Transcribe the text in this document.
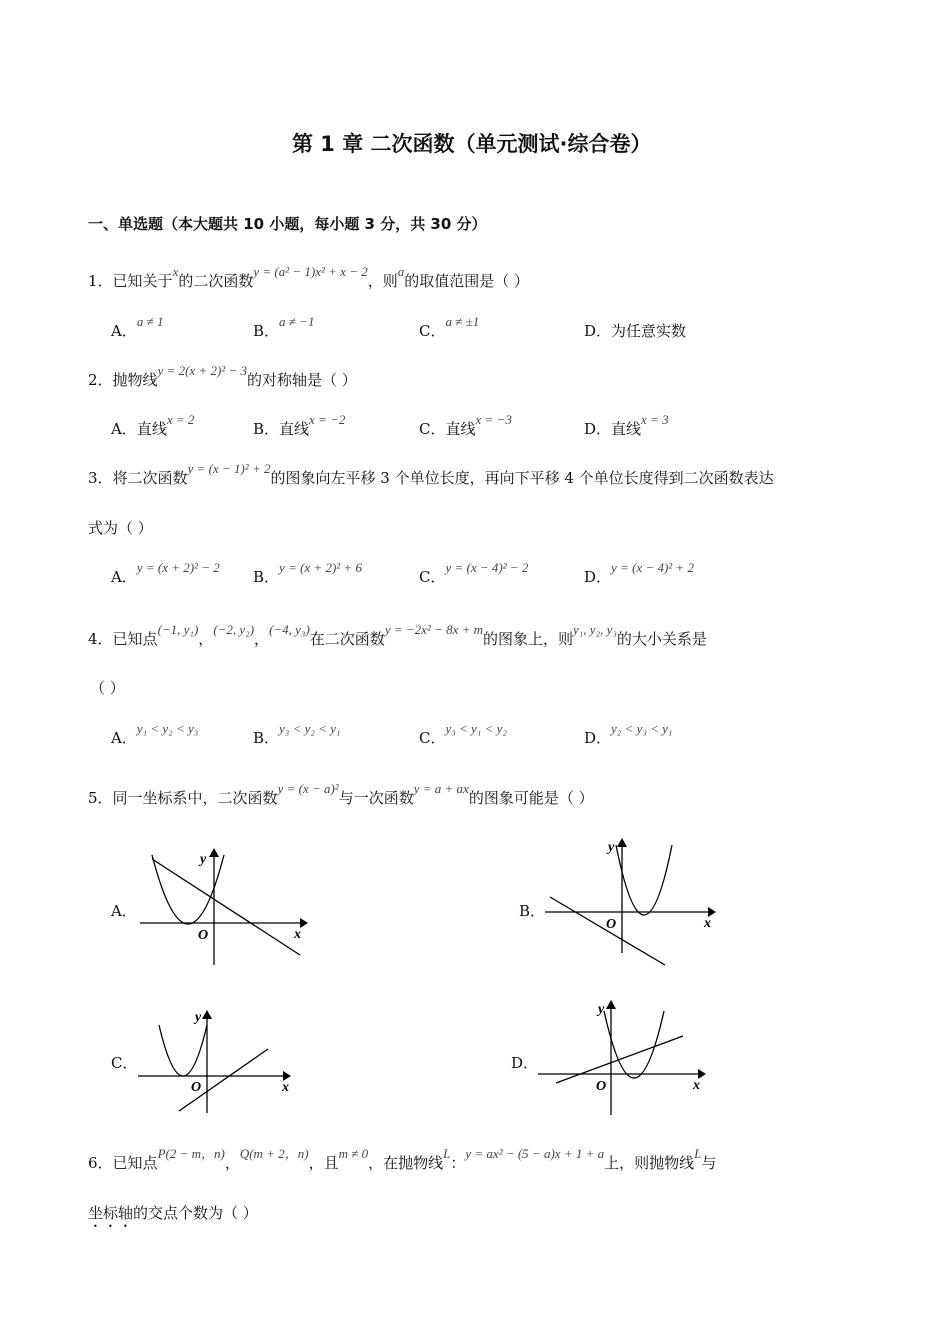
第 1 章 二次函数（单元测试·综合卷）
一、单选题（本大题共 10 小题，每小题 3 分，共 30 分）
1．已知关于x的二次函数y = (a² − 1)x² + x − 2，则a的取值范围是（ ）
A．a ≠ 1
B．a ≠ −1
C．a ≠ ±1
D．为任意实数
2．抛物线y = 2(x + 2)² − 3的对称轴是（ ）
A．直线x = 2
B．直线x = −2
C．直线x = −3
D．直线x = 3
3．将二次函数y = (x − 1)² + 2的图象向左平移 3 个单位长度，再向下平移 4 个单位长度得到二次函数表达
式为（ ）
A．y = (x + 2)² − 2
B．y = (x + 2)² + 6
C．y = (x − 4)² − 2
D．y = (x − 4)² + 2
4．已知点(−1, y₁)，(−2, y₂)，(−4, y₃)在二次函数y = −2x² − 8x + m的图象上，则y₁, y₂, y₃的大小关系是
（ ）
A．y₁ < y₂ < y₃
B．y₃ < y₂ < y₁
C．y₃ < y₁ < y₂
D．y₂ < y₃ < y₁
5．同一坐标系中，二次函数y = (x − a)²与一次函数y = a + ax的图象可能是（ ）
A．
y
O	x
B．
y
O	x
C．
y
O	x
D．
y
O	x
6．已知点P(2 − m，n)，Q(m + 2，n)，且m ≠ 0，在抛物线L：y = ax² − (5 − a)x + 1 + a上，则抛物线L与
坐标轴的交点个数为（ ）
